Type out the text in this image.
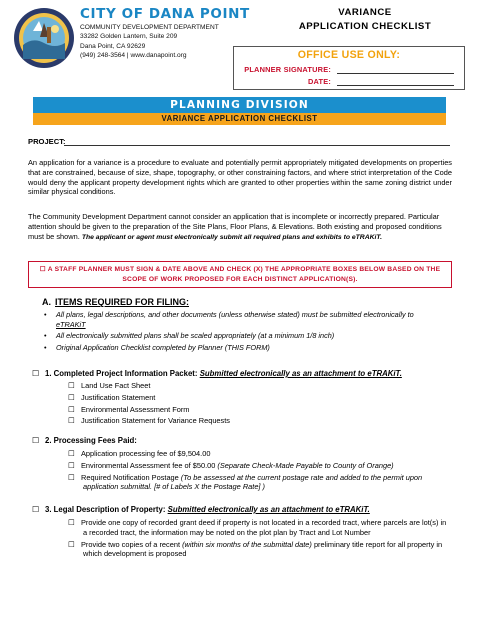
CITY OF DANA POINT
COMMUNITY DEVELOPMENT DEPARTMENT
33282 Golden Lantern, Suite 209
Dana Point, CA 92629
(949) 248-3564 | www.danapoint.org
VARIANCE
APPLICATION CHECKLIST
OFFICE USE ONLY:
PLANNER SIGNATURE:
DATE:
PLANNING DIVISION
VARIANCE APPLICATION CHECKLIST
PROJECT:
An application for a variance is a procedure to evaluate and potentially permit appropriately mitigated developments on properties that are constrained, because of size, shape, topography, or other constraining factors, and where strict interpretation of the Code would deny the applicant property development rights which are granted to other properties within the same zoning district under similar physical conditions.
The Community Development Department cannot consider an application that is incomplete or incorrectly prepared. Particular attention should be given to the preparation of the Site Plans, Floor Plans, & Elevations. Both existing and proposed conditions must be shown. The applicant or agent must electronically submit all required plans and exhibits to eTRAKiT.
☐ A STAFF PLANNER MUST SIGN & DATE ABOVE AND CHECK (X) THE APPROPRIATE BOXES BELOW BASED ON THE SCOPE OF WORK PROPOSED FOR EACH DISTINCT APPLICATION(S).
A. ITEMS REQUIRED FOR FILING:
• All plans, legal descriptions, and other documents (unless otherwise stated) must be submitted electronically to
eTRAKiT
• All electronically submitted plans shall be scaled appropriately (at a minimum 1/8 inch)
• Original Application Checklist completed by Planner (THIS FORM)
☐ 1. Completed Project Information Packet: Submitted electronically as an attachment to eTRAKiT.
☐ Land Use Fact Sheet
☐ Justification Statement
☐ Environmental Assessment Form
☐ Justification Statement for Variance Requests
☐ 2. Processing Fees Paid:
☐ Application processing fee of $9,504.00
☐ Environmental Assessment fee of $50.00 (Separate Check-Made Payable to County of Orange)
☐ Required Notification Postage (To be assessed at the current postage rate and added to the permit upon application submittal. [# of Labels X the Postage Rate] )
☐ 3. Legal Description of Property: Submitted electronically as an attachment to eTRAKiT.
☐ Provide one copy of recorded grant deed if property is not located in a recorded tract, where parcels are lot(s) in a recorded tract, the information may be noted on the plot plan by Tract and Lot Number
☐ Provide two copies of a recent (within six months of the submittal date) preliminary title report for all property in which development is proposed
